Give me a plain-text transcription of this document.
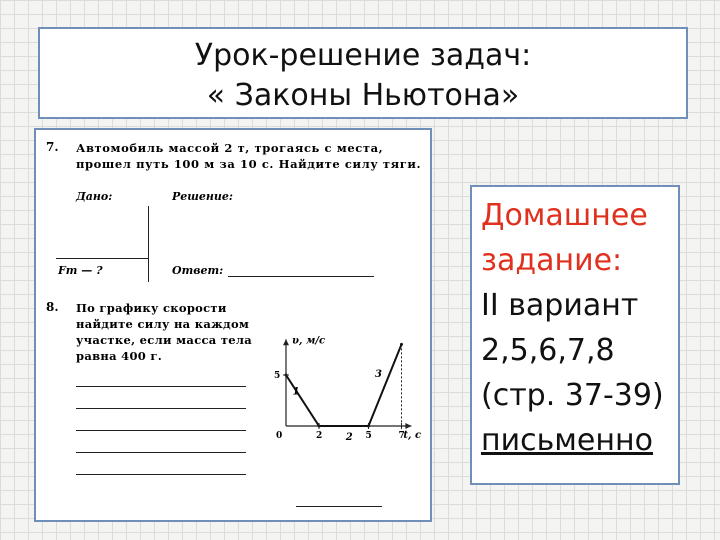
Урок-решение задач:
« Законы Ньютона»
7. Автомобиль массой 2 т, трогаясь с места, прошел путь 100 м за 10 с. Найдите силу тяги.
Дано:	Решение:
Fт — ?	Ответ:
8. По графику скорости найдите силу на каждом участке, если масса тела равна 400 г.
υ, м/с
t, с
0	2	5	7
5
1
2
3
Домашнее
задание:
II вариант
2,5,6,7,8
(стр. 37-39)
письменно
